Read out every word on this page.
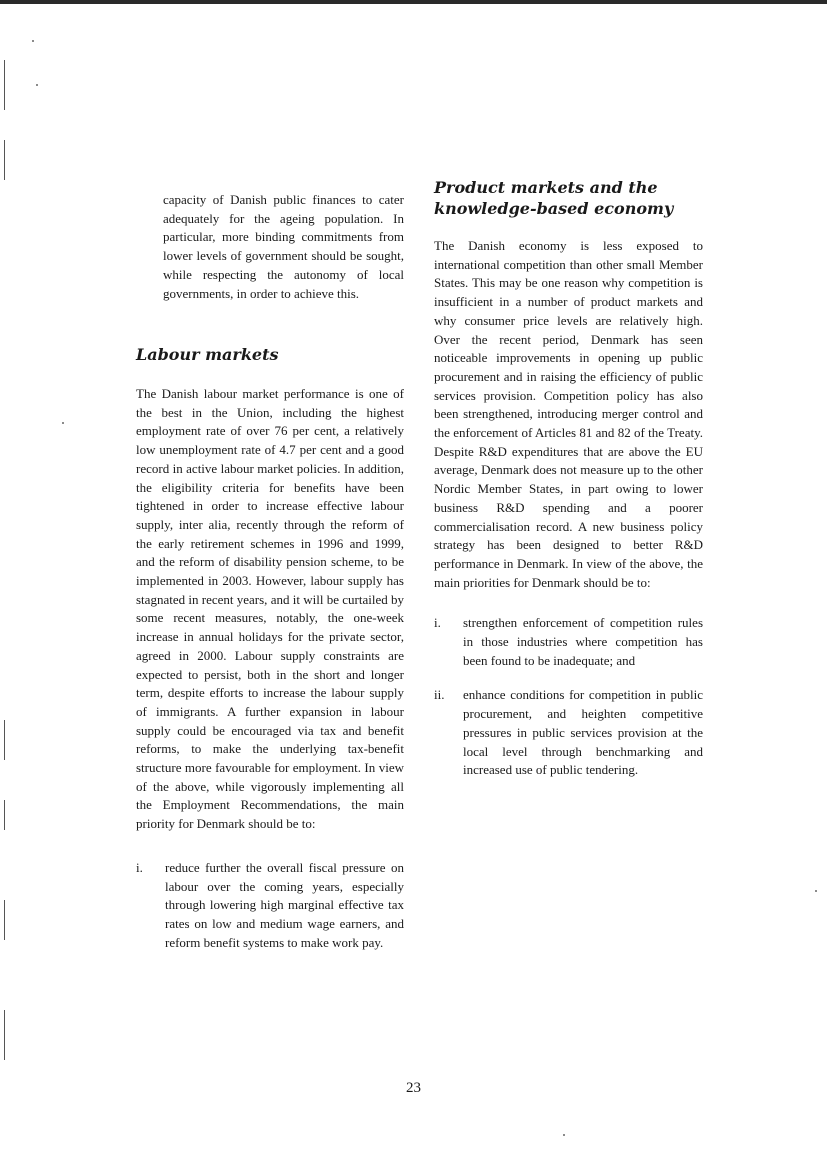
capacity of Danish public finances to cater adequately for the ageing population. In particular, more binding commitments from lower levels of government should be sought, while respecting the autonomy of local governments, in order to achieve this.

Labour markets

The Danish labour market performance is one of the best in the Union, including the highest employment rate of over 76 per cent, a relatively low unemployment rate of 4.7 per cent and a good record in active labour market policies. In addition, the eligibility criteria for benefits have been tightened in order to increase effective labour supply, inter alia, recently through the reform of the early retirement schemes in 1996 and 1999, and the reform of disability pension scheme, to be implemented in 2003. However, labour supply has stagnated in recent years, and it will be curtailed by some recent measures, notably, the one-week increase in annual holidays for the private sector, agreed in 2000. Labour supply constraints are expected to persist, both in the short and longer term, despite efforts to increase the labour supply of immigrants. A further expansion in labour supply could be encouraged via tax and benefit reforms, to make the underlying tax-benefit structure more favourable for employment. In view of the above, while vigorously implementing all the Employment Recommendations, the main priority for Denmark should be to:

i. reduce further the overall fiscal pressure on labour over the coming years, especially through lowering high marginal effective tax rates on low and medium wage earners, and reform benefit systems to make work pay.
Product markets and the
knowledge-based economy

The Danish economy is less exposed to international competition than other small Member States. This may be one reason why competition is insufficient in a number of product markets and why consumer price levels are relatively high. Over the recent period, Denmark has seen noticeable improvements in opening up public procurement and in raising the efficiency of public services provision. Competition policy has also been strengthened, introducing merger control and the enforcement of Articles 81 and 82 of the Treaty. Despite R&D expenditures that are above the EU average, Denmark does not measure up to the other Nordic Member States, in part owing to lower business R&D spending and a poorer commercialisation record. A new business policy strategy has been designed to better R&D performance in Denmark. In view of the above, the main priorities for Denmark should be to:

i. strengthen enforcement of competition rules in those industries where competition has been found to be inadequate; and
ii. enhance conditions for competition in public procurement, and heighten competitive pressures in public services provision at the local level through benchmarking and increased use of public tendering.
23
